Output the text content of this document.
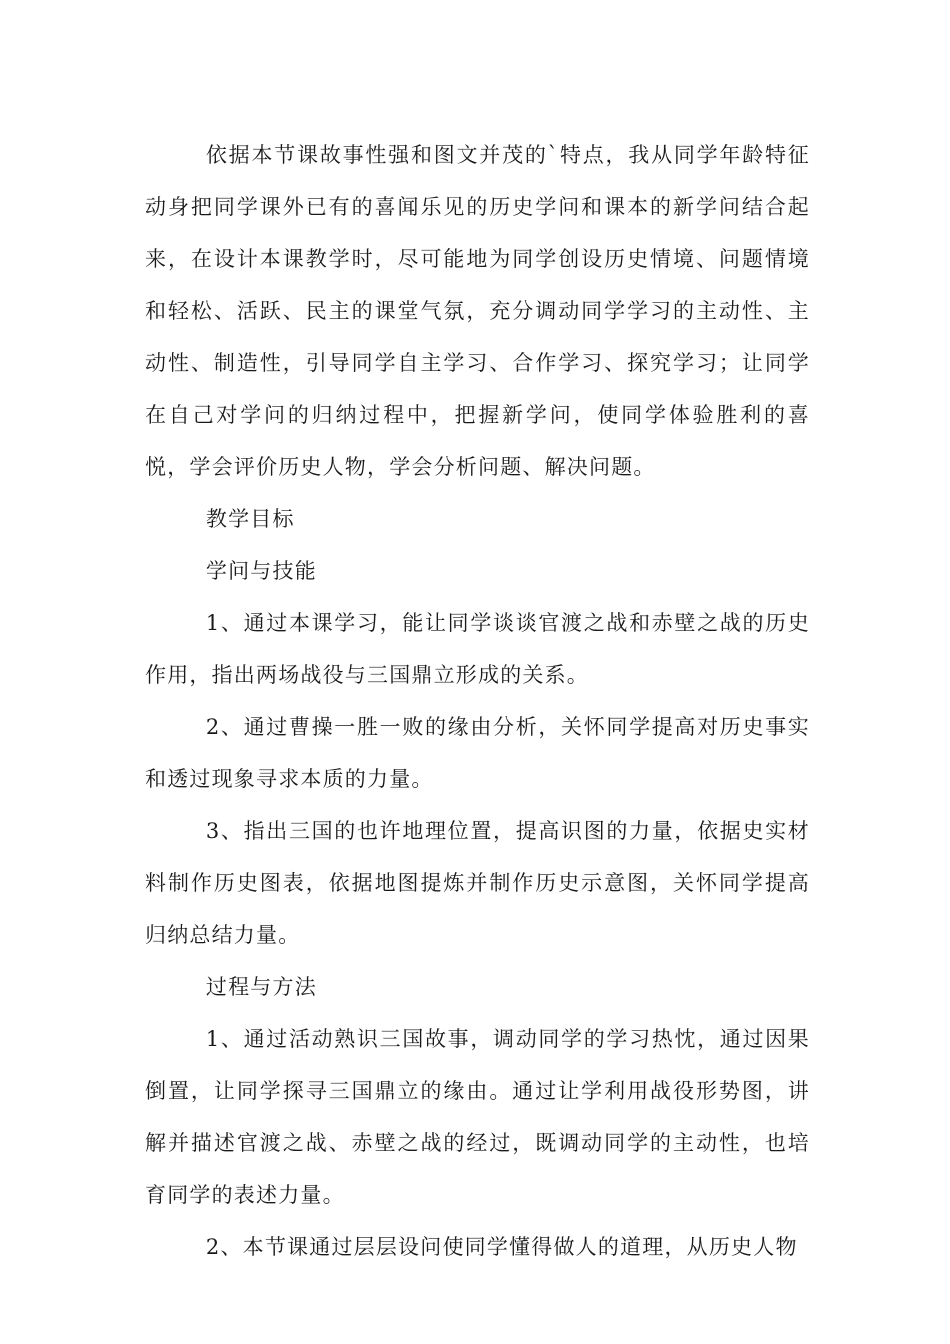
依据本节课故事性强和图文并茂的`特点，我从同学年龄特征动身把同学课外已有的喜闻乐见的历史学问和课本的新学问结合起来，在设计本课教学时，尽可能地为同学创设历史情境、问题情境和轻松、活跃、民主的课堂气氛，充分调动同学学习的主动性、主动性、制造性，引导同学自主学习、合作学习、探究学习；让同学在自己对学问的归纳过程中，把握新学问，使同学体验胜利的喜悦，学会评价历史人物，学会分析问题、解决问题。

教学目标

学问与技能

1、通过本课学习，能让同学谈谈官渡之战和赤壁之战的历史作用，指出两场战役与三国鼎立形成的关系。

2、通过曹操一胜一败的缘由分析，关怀同学提高对历史事实和透过现象寻求本质的力量。

3、指出三国的也许地理位置，提高识图的力量，依据史实材料制作历史图表，依据地图提炼并制作历史示意图，关怀同学提高归纳总结力量。

过程与方法

1、通过活动熟识三国故事，调动同学的学习热忱，通过因果倒置，让同学探寻三国鼎立的缘由。通过让学利用战役形势图，讲解并描述官渡之战、赤壁之战的经过，既调动同学的主动性，也培育同学的表述力量。

2、本节课通过层层设问使同学懂得做人的道理，从历史人物
